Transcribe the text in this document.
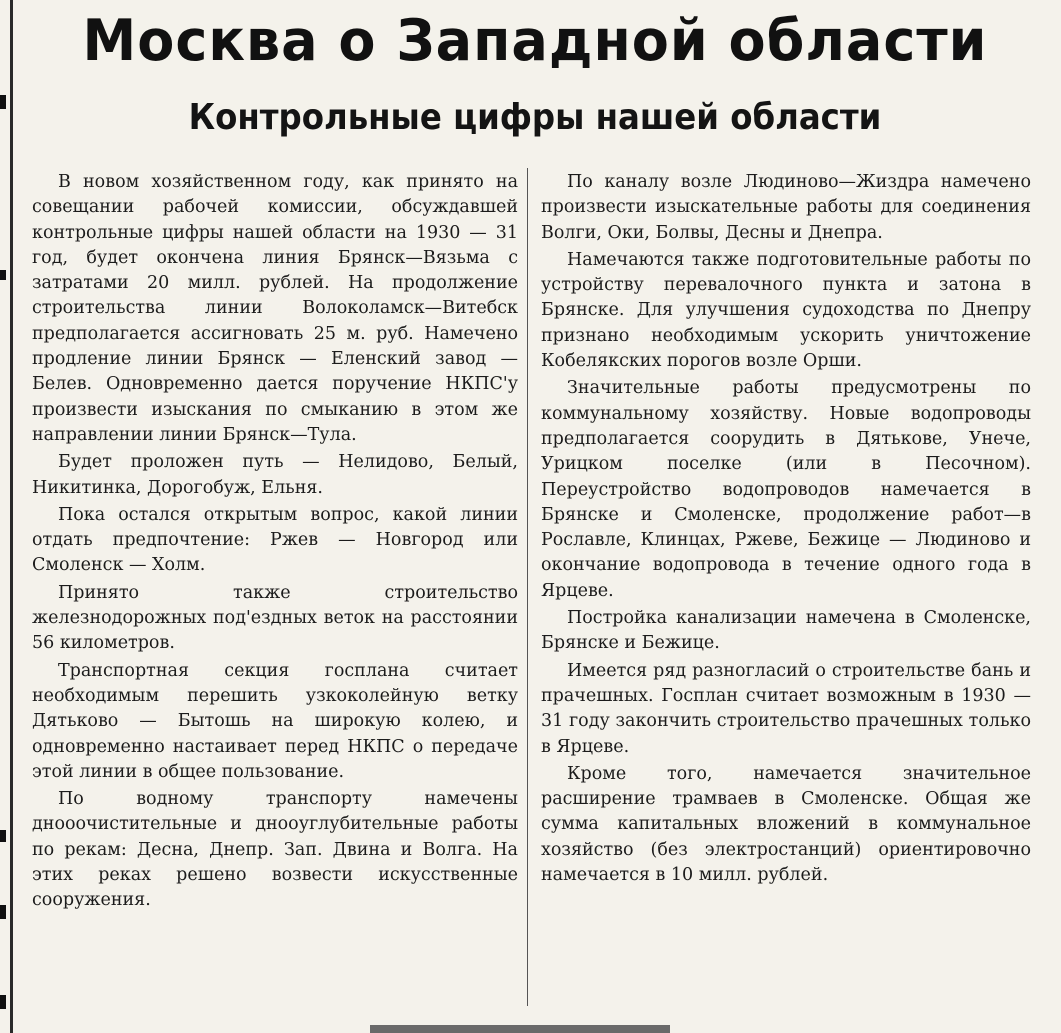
Москва о Западной области
Контрольные цифры нашей области

В новом хозяйственном году, как принято на совещании рабочей комиссии, обсуждавшей контрольные цифры нашей области на 1930 — 31 год, будет окончена линия Брянск—Вязьма с затратами 20 милл. рублей. На продолжение строительства линии Волоколамск—Витебск предполагается ассигновать 25 м. руб. Намечено продление линии Брянск — Еленский завод — Белев. Одновременно дается поручение НКПС'у произвести изыскания по смыканию в этом же направлении линии Брянск—Тула.

Будет проложен путь — Нелидово, Белый, Никитинка, Дорогобуж, Ельня.

Пока остался открытым вопрос, какой линии отдать предпочтение: Ржев — Новгород или Смоленск — Холм.

Принято также строительство железнодорожных под'ездных веток на расстоянии 56 километров.

Транспортная секция госплана считает необходимым перешить узкоколейную ветку Дятьково — Бытошь на широкую колею, и одновременно настаивает перед НКПС о передаче этой линии в общее пользование.

По водному транспорту намечены днооочистительные и днооуглубительные работы по рекам: Десна, Днепр. Зап. Двина и Волга. На этих реках решено возвести искусственные сооружения.

По каналу возле Людиново—Жиздра намечено произвести изыскательные работы для соединения Волги, Оки, Болвы, Десны и Днепра.

Намечаются также подготовительные работы по устройству перевалочного пункта и затона в Брянске. Для улучшения судоходства по Днепру признано необходимым ускорить уничтожение Кобелякских порогов возле Орши.

Значительные работы предусмотрены по коммунальному хозяйству. Новые водопроводы предполагается соорудить в Дятькове, Унече, Урицком поселке (или в Песочном). Переустройство водопроводов намечается в Брянске и Смоленске, продолжение работ—в Рославле, Клинцах, Ржеве, Бежице — Людиново и окончание водопровода в течение одного года в Ярцеве.

Постройка канализации намечена в Смоленске, Брянске и Бежице.

Имеется ряд разногласий о строительстве бань и прачешных. Госплан считает возможным в 1930 — 31 году закончить строительство прачешных только в Ярцеве.

Кроме того, намечается значительное расширение трамваев в Смоленске. Общая же сумма капитальных вложений в коммунальное хозяйство (без электростанций) ориентировочно намечается в 10 милл. рублей.
